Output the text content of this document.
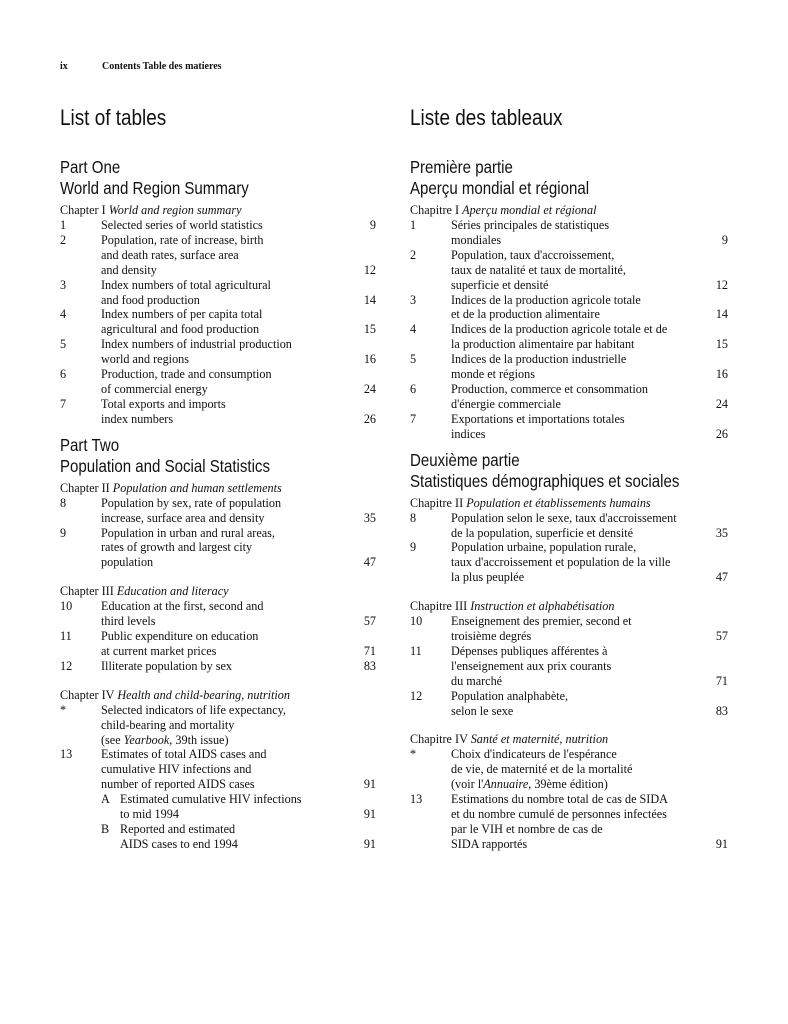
ix	Contents Table des matieres
List of tables
Part One
World and Region Summary
Chapter I World and region summary
1	Selected series of world statistics	9
2	Population, rate of increase, birth
and death rates, surface area
and density	12
3	Index numbers of total agricultural
and food production	14
4	Index numbers of per capita total
agricultural and food production	15
5	Index numbers of industrial production
world and regions	16
6	Production, trade and consumption
of commercial energy	24
7	Total exports and imports
index numbers	26
Part Two
Population and Social Statistics
Chapter II Population and human settlements
8	Population by sex, rate of population
increase, surface area and density	35
9	Population in urban and rural areas,
rates of growth and largest city
population	47
Chapter III Education and literacy
10	Education at the first, second and
third levels	57
11	Public expenditure on education
at current market prices	71
12	Illiterate population by sex	83
Chapter IV Health and child-bearing, nutrition
*	Selected indicators of life expectancy,
child-bearing and mortality
(see Yearbook, 39th issue)
13	Estimates of total AIDS cases and
cumulative HIV infections and
number of reported AIDS cases	91
A Estimated cumulative HIV infections
to mid 1994	91
B Reported and estimated
AIDS cases to end 1994	91
Liste des tableaux
Première partie
Aperçu mondial et régional
Chapitre I Aperçu mondial et régional
1	Séries principales de statistiques
mondiales	9
2	Population, taux d'accroissement,
taux de natalité et taux de mortalité,
superficie et densité	12
3	Indices de la production agricole totale
et de la production alimentaire	14
4	Indices de la production agricole totale et de
la production alimentaire par habitant	15
5	Indices de la production industrielle
monde et régions	16
6	Production, commerce et consommation
d'énergie commerciale	24
7	Exportations et importations totales
indices	26
Deuxième partie
Statistiques démographiques et sociales
Chapitre II Population et établissements humains
8	Population selon le sexe, taux d'accroissement
de la population, superficie et densité	35
9	Population urbaine, population rurale,
taux d'accroissement et population de la ville
la plus peuplée	47
Chapitre III Instruction et alphabétisation
10	Enseignement des premier, second et
troisième degrés	57
11	Dépenses publiques afférentes à
l'enseignement aux prix courants
du marché	71
12	Population analphabète,
selon le sexe	83
Chapitre IV Santé et maternité, nutrition
*	Choix d'indicateurs de l'espérance
de vie, de maternité et de la mortalité
(voir l'Annuaire, 39ème édition)
13	Estimations du nombre total de cas de SIDA
et du nombre cumulé de personnes infectées
par le VIH et nombre de cas de
SIDA rapportés	91
